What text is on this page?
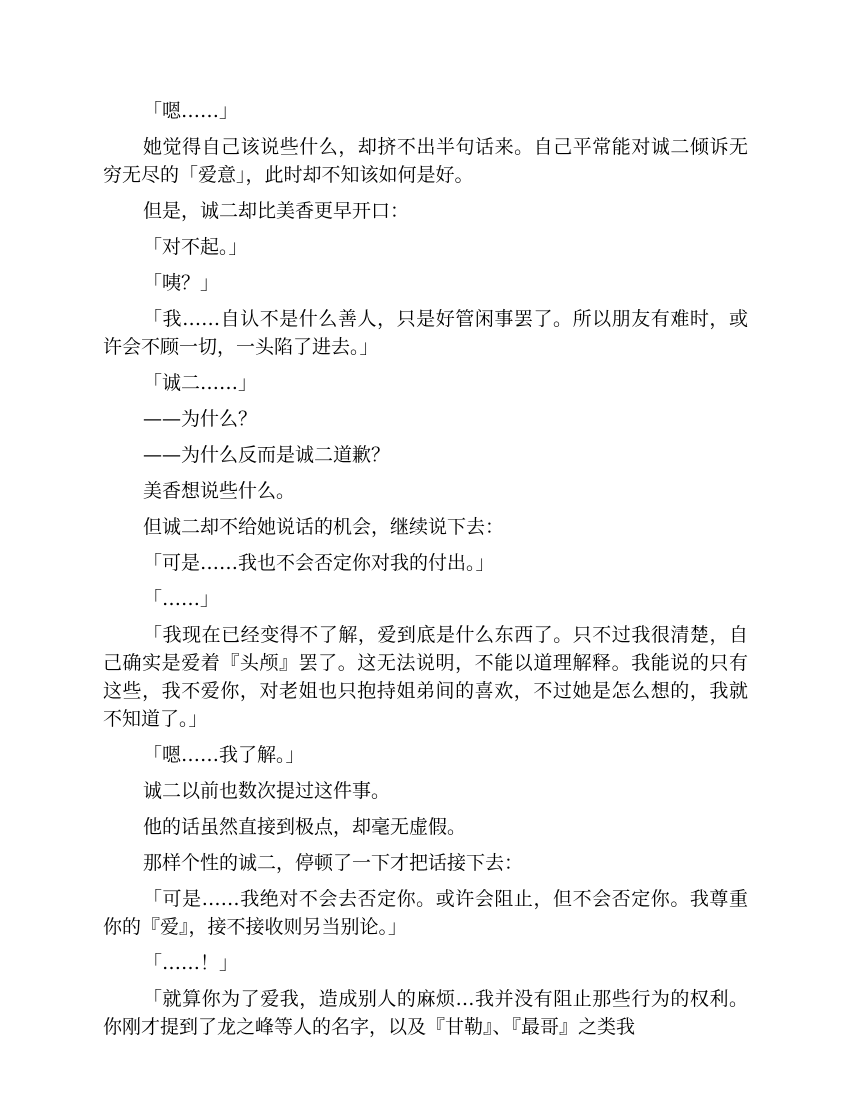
「嗯……」

她觉得自己该说些什么，却挤不出半句话来。自己平常能对诚二倾诉无穷无尽的「爱意」，此时却不知该如何是好。

但是，诚二却比美香更早开口：

「对不起。」

「咦？」

「我……自认不是什么善人，只是好管闲事罢了。所以朋友有难时，或许会不顾一切，一头陷了进去。」

「诚二……」

——为什么？

——为什么反而是诚二道歉？

美香想说些什么。

但诚二却不给她说话的机会，继续说下去：

「可是……我也不会否定你对我的付出。」

「……」

「我现在已经变得不了解，爱到底是什么东西了。只不过我很清楚，自己确实是爱着『头颅』罢了。这无法说明，不能以道理解释。我能说的只有这些，我不爱你，对老姐也只抱持姐弟间的喜欢，不过她是怎么想的，我就不知道了。」

「嗯……我了解。」

诚二以前也数次提过这件事。

他的话虽然直接到极点，却毫无虚假。

那样个性的诚二，停顿了一下才把话接下去：

「可是……我绝对不会去否定你。或许会阻止，但不会否定你。我尊重你的『爱』，接不接收则另当别论。」

「……！」

「就算你为了爱我，造成别人的麻烦…我并没有阻止那些行为的权利。你刚才提到了龙之峰等人的名字，以及『甘勒』、『最哥』之类我
